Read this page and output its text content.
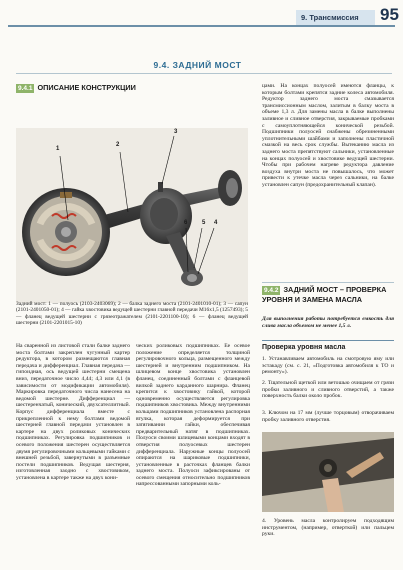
9. Трансмиссия 95
9.4. ЗАДНИЙ МОСТ
9.4.1 ОПИСАНИЕ КОНСТРУКЦИИ
1
2
3
4
5
6
Задний мост: 1 — полуось (2103-2403069); 2 — балка заднего моста (2101-2401010-01); 3 — сапун (2101-2401050-01); 4 — гайка хвостовика ведущей шестерни главной передачи М16х1,5 (1257493); 5 — фланец ведущей шестерни с грязеотражателем (2101-2201100-10); 6 — фланец ведущей шестерни (2101-2201015-10)

На сваренной из листовой стали балке заднего моста болтами закреплен чугунный картер редуктора, в котором размещаются главная передача и дифференциал. Главная передача — гипоидная, ось ведущей шестерни смещена вниз, передаточное число 4,44; 4,3 или 4,1 (в зависимости от модификации автомобиля). Маркировка передаточного числа нанесена на ведомой шестерне. Дифференциал — шестеренчатый, конический, двухсателлитный. Корпус дифференциала вместе с прикрепленной к нему болтами ведомой шестерней главной передачи установлен в картере на двух роликовых конических подшипниках. Регулировка подшипников и осевого положения шестерен осуществляется двумя регулировочными кольцевыми гайками с внешней резьбой, завернутыми в разъемные постели подшипников. Ведущая шестерня, изготовленная заодно с хвостовиком, установлена в картере также на двух кони-

ческих роликовых подшипниках. Ее осевое положение определяется толщиной регулировочного кольца, размещенного между шестерней и внутренним подшипником. На шлицевом конце хвостовика установлен фланец, соединенный болтами с фланцевой вилкой заднего карданного шарнира. Фланец крепится к хвостовику гайкой, которой одновременно осуществляется регулировка подшипников хвостовика. Между внутренними кольцами подшипников установлена распорная втулка, которая деформируется при затягивании гайки, обеспечивая предварительный натяг в подшипниках. Полуоси своими шлицевыми концами входят в отверстия полуосевых шестерен дифференциала. Наружные концы полуосей опираются на шариковые подшипники, установленные в расточках фланцев балки заднего моста. Полуоси зафиксированы от осевого смещения относительно подшипников напрессованными запорными коль-

цами. На концах полуосей имеются фланцы, к которым болтами крепятся задние колеса автомобиля. Редуктор заднего моста смазывается трансмиссионным маслом, залитым в балку моста в объеме 1,3 л. Для замены масла в балке выполнены заливное и сливное отверстия, закрываемые пробками с самоуплотняющейся конической резьбой. Подшипники полуосей снабжены обрезиненными уплотнительными шайбами и заполнены пластичной смазкой на весь срок службы. Вытеканию масла из заднего моста препятствуют сальники, установленные на концах полуосей и хвостовике ведущей шестерни. Чтобы при рабочем нагреве редуктора давление воздуха внутри моста не повышалось, что может привести к утечке масла через сальники, на балке установлен сапун (предохранительный клапан).

9.4.2 ЗАДНИЙ МОСТ – ПРОВЕРКА УРОВНЯ И ЗАМЕНА МАСЛА

Для выполнения работы потребуется емкость для слива масла объемом не менее 1,5 л.

Проверка уровня масла

1. Устанавливаем автомобиль на смотровую яму или эстакаду (см. с. 21, «Подготовка автомобиля к ТО и ремонту»).

2. Тщательной щеткой или ветошью очищаем от грязи пробки заливного и сливного отверстий, а также поверхность балки около пробок.

3. Ключом на 17 мм (лучше торцовым) отворачиваем пробку заливного отверстия.

4. Уровень масла контролируем подходящим инструментом, (например, отверткой) или пальцем руки.
